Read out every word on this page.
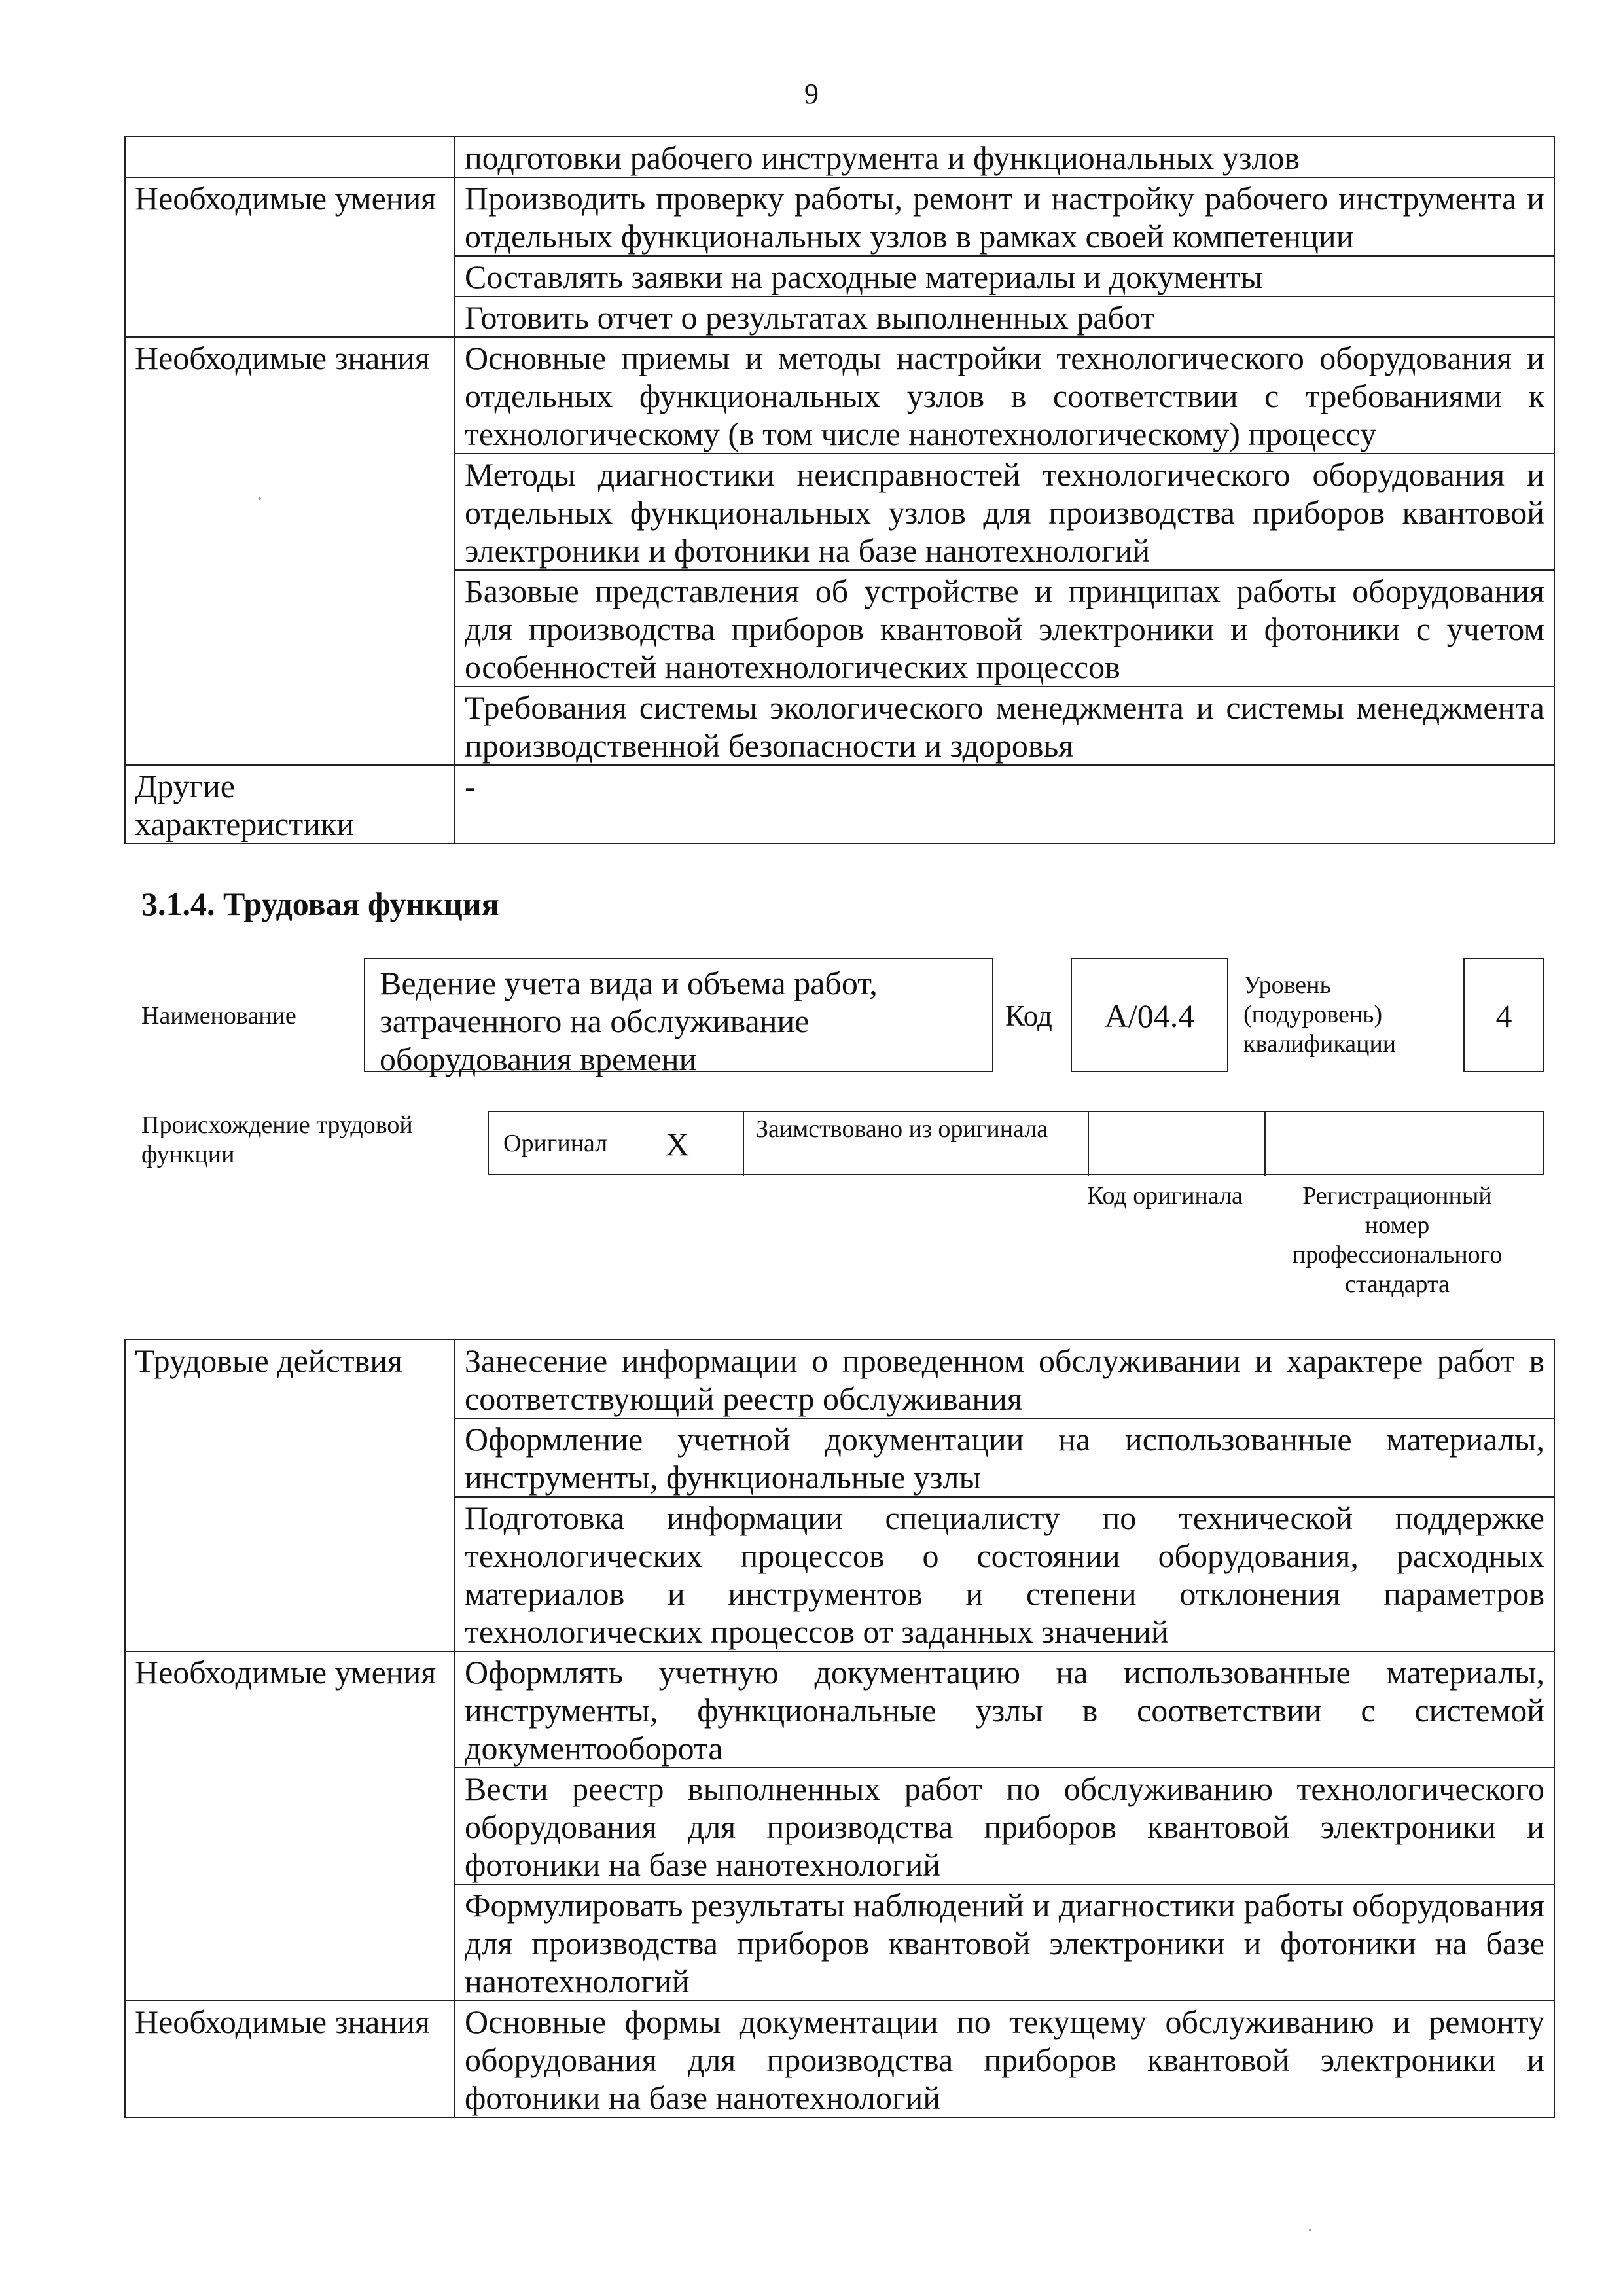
9
	подготовки рабочего инструмента и функциональных узлов
Необходимые умения	Производить проверку работы, ремонт и настройку рабочего инструмента и отдельных функциональных узлов в рамках своей компетенции
	Составлять заявки на расходные материалы и документы
	Готовить отчет о результатах выполненных работ
Необходимые знания	Основные приемы и методы настройки технологического оборудования и отдельных функциональных узлов в соответствии с требованиями к технологическому (в том числе нанотехнологическому) процессу
	Методы диагностики неисправностей технологического оборудования и отдельных функциональных узлов для производства приборов квантовой электроники и фотоники на базе нанотехнологий
	Базовые представления об устройстве и принципах работы оборудования для производства приборов квантовой электроники и фотоники с учетом особенностей нанотехнологических процессов
	Требования системы экологического менеджмента и системы менеджмента производственной безопасности и здоровья
Другие характеристики	-
3.1.4. Трудовая функция
Наименование
Ведение учета вида и объема работ, затраченного на обслуживание оборудования времени
Код	А/04.4
Уровень (подуровень) квалификации
4
Происхождение трудовой функции	Оригинал X	Заимствовано из оригинала
Код оригинала	Регистрационный номер профессионального стандарта
Трудовые действия	Занесение информации о проведенном обслуживании и характере работ в соответствующий реестр обслуживания
	Оформление учетной документации на использованные материалы, инструменты, функциональные узлы
	Подготовка информации специалисту по технической поддержке технологических процессов о состоянии оборудования, расходных материалов и инструментов и степени отклонения параметров технологических процессов от заданных значений
Необходимые умения	Оформлять учетную документацию на использованные материалы, инструменты, функциональные узлы в соответствии с системой документооборота
	Вести реестр выполненных работ по обслуживанию технологического оборудования для производства приборов квантовой электроники и фотоники на базе нанотехнологий
	Формулировать результаты наблюдений и диагностики работы оборудования для производства приборов квантовой электроники и фотоники на базе нанотехнологий
Необходимые знания	Основные формы документации по текущему обслуживанию и ремонту оборудования для производства приборов квантовой электроники и фотоники на базе нанотехнологий
